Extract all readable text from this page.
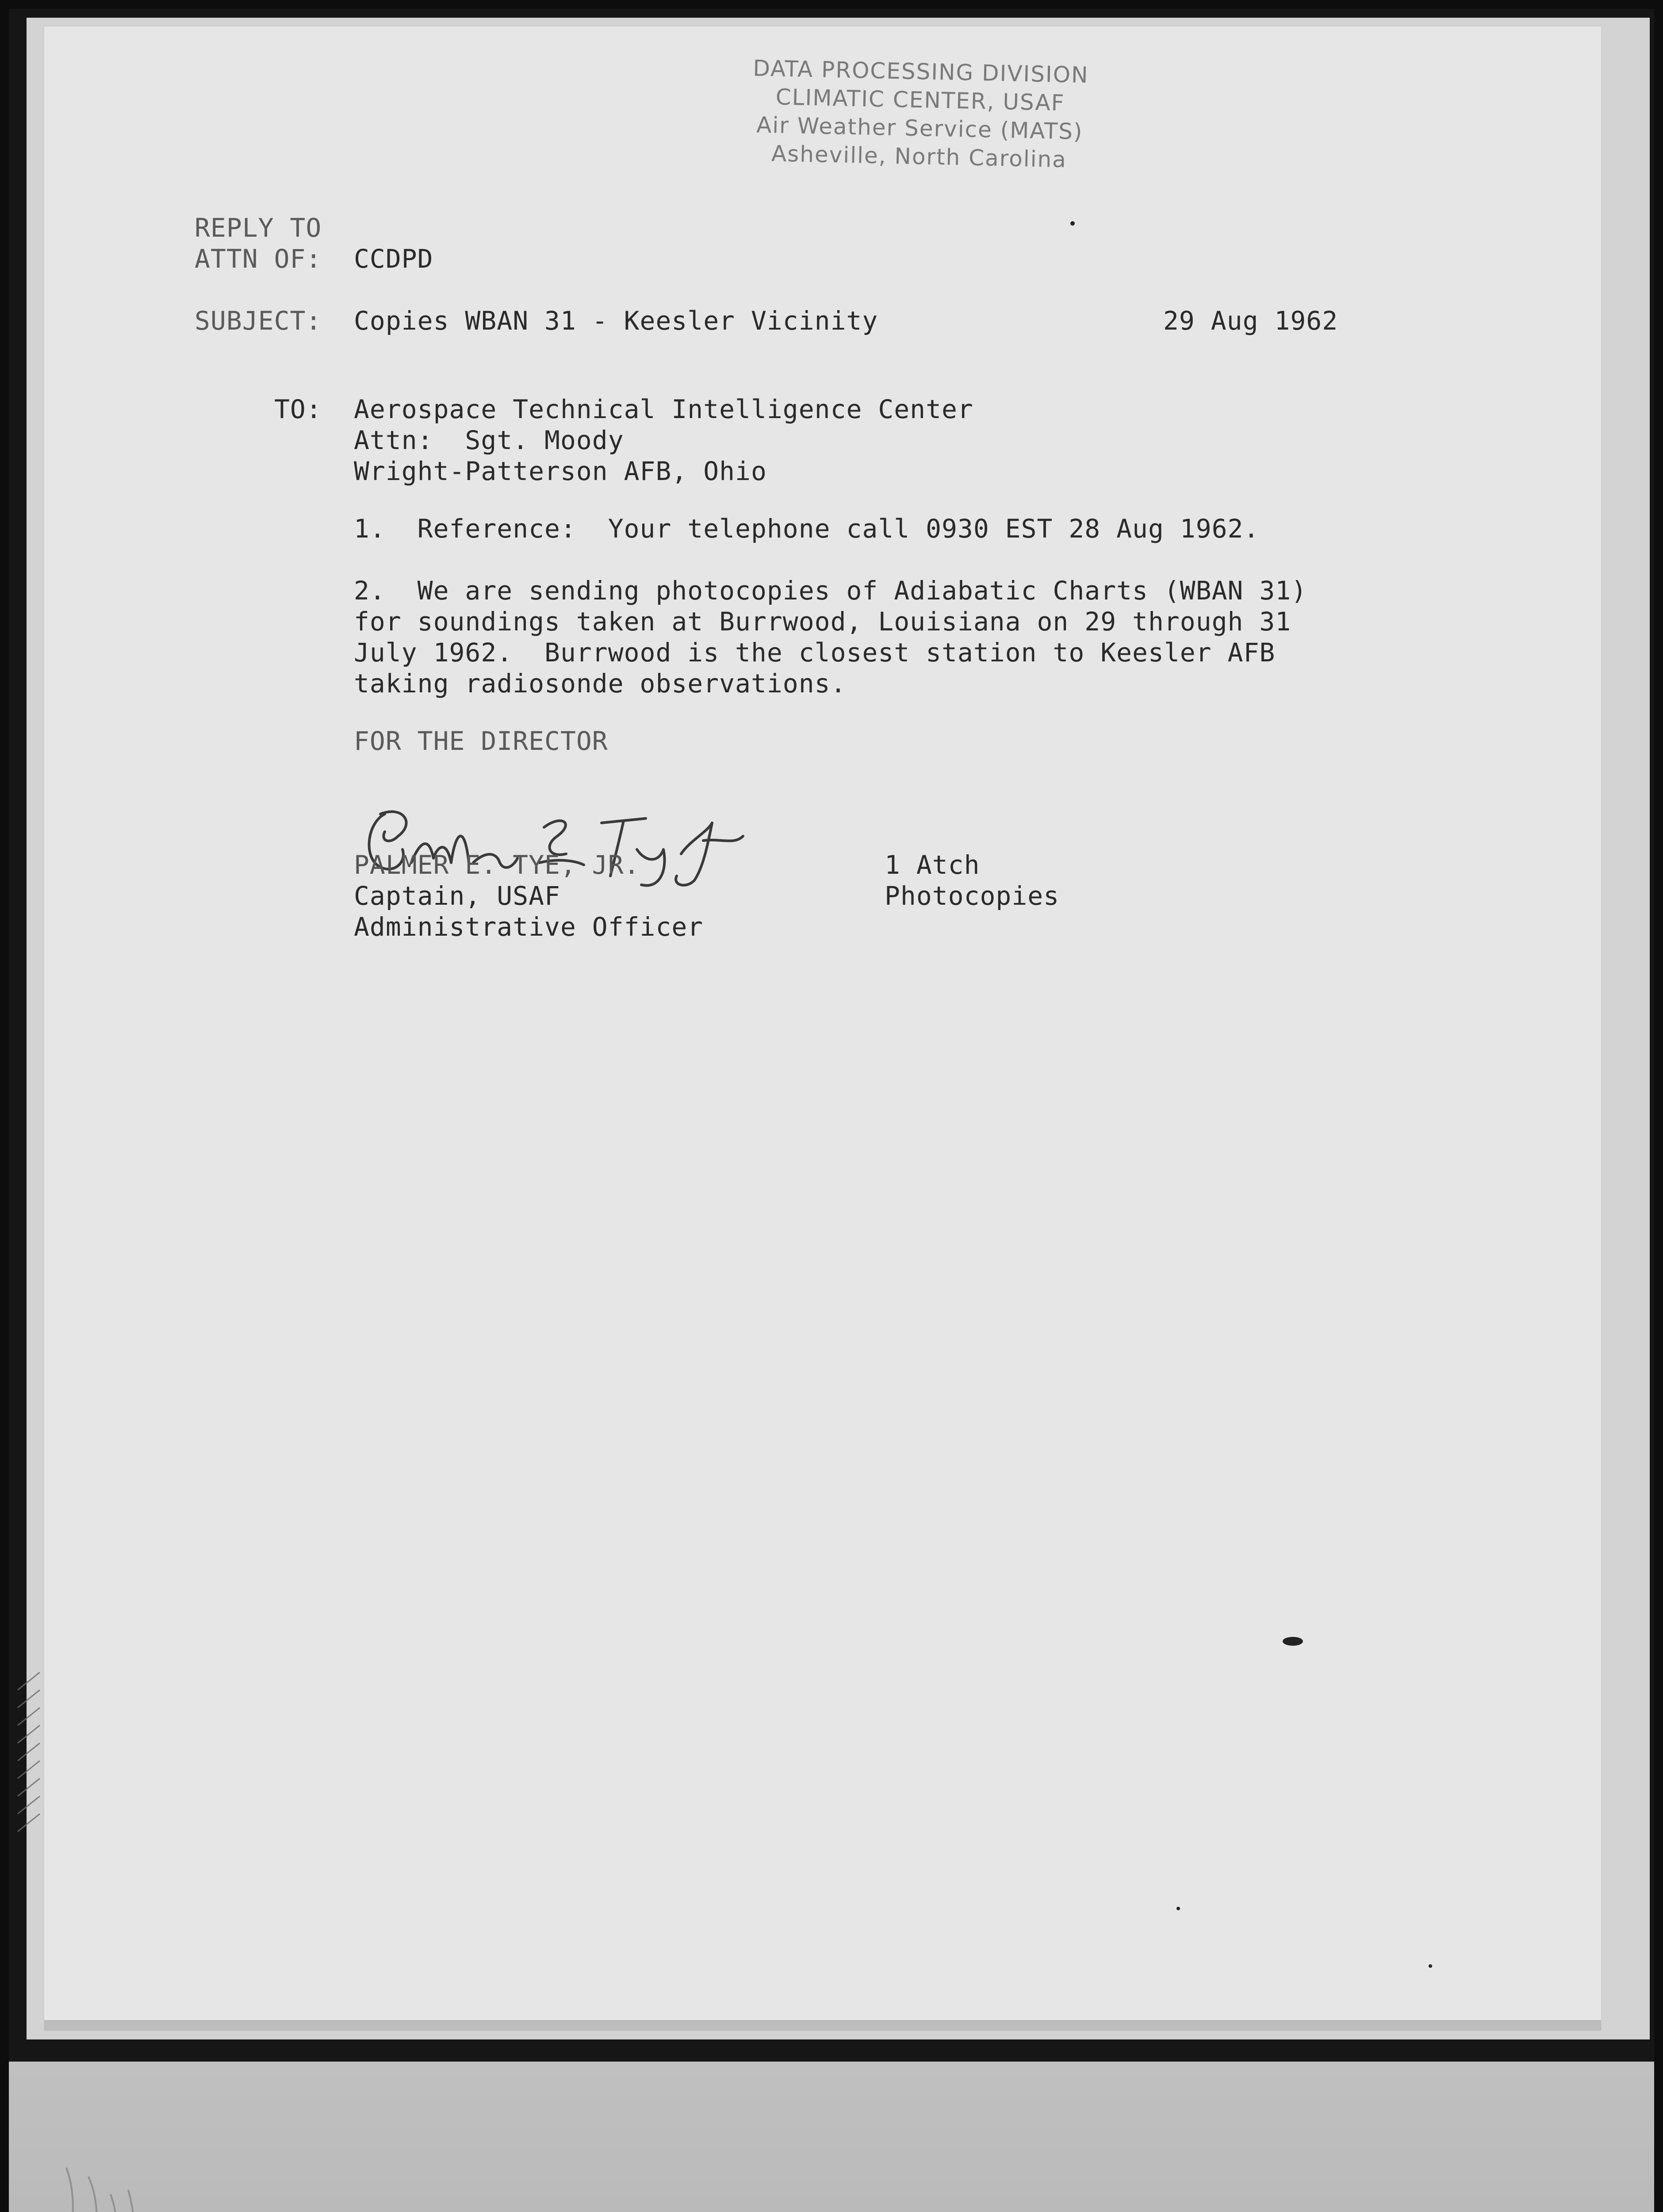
DATA PROCESSING DIVISION
CLIMATIC CENTER, USAF
Air Weather Service (MATS)
Asheville, North Carolina
REPLY TO
ATTN OF: CCDPD
SUBJECT: Copies WBAN 31 - Keesler Vicinity	29 Aug 1962
TO: Aerospace Technical Intelligence Center
Attn:  Sgt. Moody
Wright-Patterson AFB, Ohio
1.  Reference:  Your telephone call 0930 EST 28 Aug 1962.
2.  We are sending photocopies of Adiabatic Charts (WBAN 31)
for soundings taken at Burrwood, Louisiana on 29 through 31
July 1962.  Burrwood is the closest station to Keesler AFB
taking radiosonde observations.
FOR THE DIRECTOR
PALMER E. TYE, JR.
Captain, USAF
Administrative Officer
1 Atch
Photocopies
